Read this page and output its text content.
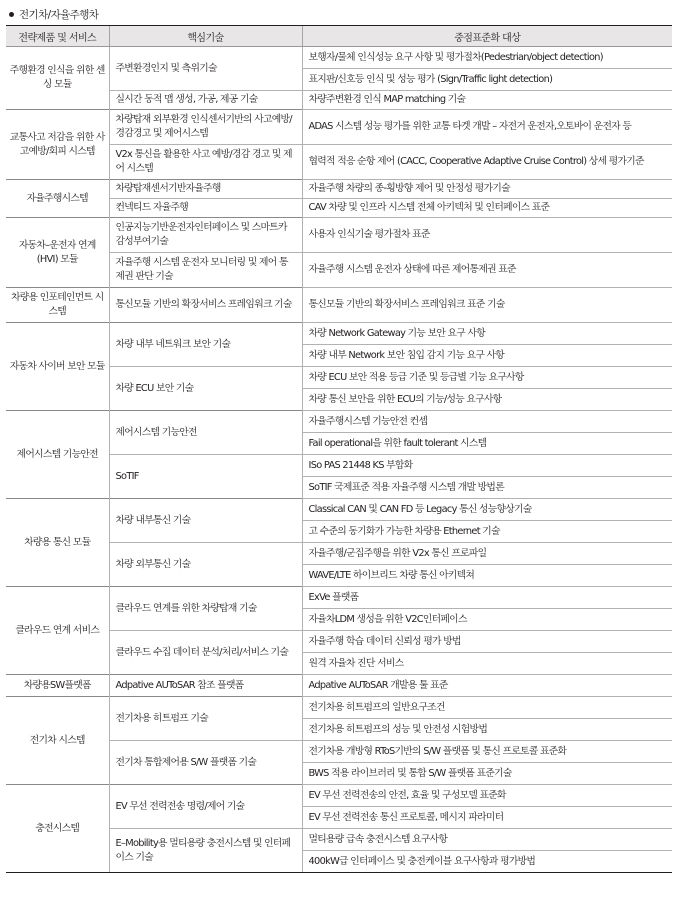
전기차/자율주행차
전략제품 및 서비스	핵심기술	중점표준화 대상
주행환경 인식을 위한 센싱 모듈	주변환경인지 및 측위기술	보행자/물체 인식성능 요구 사항 및 평가절차(Pedestrian/object detection)
		표지판/신호등 인식 및 성능 평가 (Sign/Traffic light detection)
	실시간 동적 맵 생성, 가공, 제공 기술	차량주변환경 인식 MAP matching 기술
교통사고 저감을 위한 사고예방/회피 시스템	차량탑재 외부환경 인식센서기반의 사고예방/경감경고 및 제어시스템	ADAS 시스템 성능 평가를 위한 교통 타겟 개발 – 자전거 운전자,오토바이 운전자 등
	V2x 통신을 활용한 사고 예방/경감 경고 및 제어 시스템	협력적 적응 순항 제어 (CACC, Cooperative Adaptive Cruise Control) 상세 평가기준
자율주행시스템	차량탑재센서기반자율주행	자율주행 차량의 종-횡방향 제어 및 안정성 평가기술
	컨넥티드 자율주행	CAV 차량 및 인프라 시스템 전체 아키텍처 및 인터페이스 표준
자동차–운전자 연계(HVI) 모듈	인공지능기반운전자인터페이스 및 스마트카감성부여기술	사용자 인식기술 평가절차 표준
	자율주행 시스템 운전자 모니터링 및 제어 통제권 판단 기술	자율주행 시스템 운전자 상태에 따른 제어통제권 표준
차량용 인포테인먼트 시스템	통신모듈 기반의 확장서비스 프레임워크 기술	통신모듈 기반의 확장서비스 프레임워크 표준 기술
자동차 사이버 보안 모듈	차량 내부 네트워크 보안 기술	차량 Network Gateway 기능 보안 요구 사항
		차량 내부 Network 보안 침입 감지 기능 요구 사항
	차량 ECU 보안 기술	차량 ECU 보안 적용 등급 기준 및 등급별 기능 요구사항
		차량 통신 보안을 위한 ECU의 기능/성능 요구사항
제어시스템 기능안전	제어시스템 기능안전	자율주행시스템 기능안전 컨셉
		Fail operational을 위한 fault tolerant 시스템
	SoTIF	ISo PAS 21448 KS 부합화
		SoTIF 국제표준 적용 자율주행 시스템 개발 방법론
차량용 통신 모듈	차량 내부통신 기술	Classical CAN 및 CAN FD 등 Legacy 통신 성능향상기술
		고 수준의 동기화가 가능한 차량용 Ethernet 기술
	차량 외부통신 기술	자율주행/군집주행을 위한 V2x 통신 프로파일
		WAVE/LTE 하이브리드 차량 통신 아키텍쳐
클라우드 연계 서비스	클라우드 연계를 위한 차량탑재 기술	ExVe 플랫폼
		자율차LDM 생성을 위한 V2C인터페이스
	클라우드 수집 데이터 분석/처리/서비스 기술	자율주행 학습 데이터 신뢰성 평가 방법
		원격 자율차 진단 서비스
차량용SW플랫폼	Adpative AUToSAR 참조 플랫폼	Adpative AUToSAR 개발용 툴 표준
전기차 시스템	전기차용 히트펌프 기술	전기차용 히트펌프의 일반요구조건
		전기차용 히트펌프의 성능 및 안전성 시험방법
	전기차 통합제어용 S/W 플랫폼 기술	전기차용 개방형 RToS기반의 S/W 플랫폼 및 통신 프로토콜 표준화
		BWS 적용 라이브러리 및 통합 S/W 플랫폼 표준기술
충전시스템	EV 무선 전력전송 명령/제어 기술	EV 무선 전력전송의 안전, 효율 및 구성모델 표준화
		EV 무선 전력전송 통신 프로토콜, 메시지 파라미터
	E–Mobility용 멀티용량 충전시스템 및 인터페이스 기술	멀티용량 급속 충전시스템 요구사항
		400kW급 인터페이스 및 충전케이블 요구사항과 평가방법
